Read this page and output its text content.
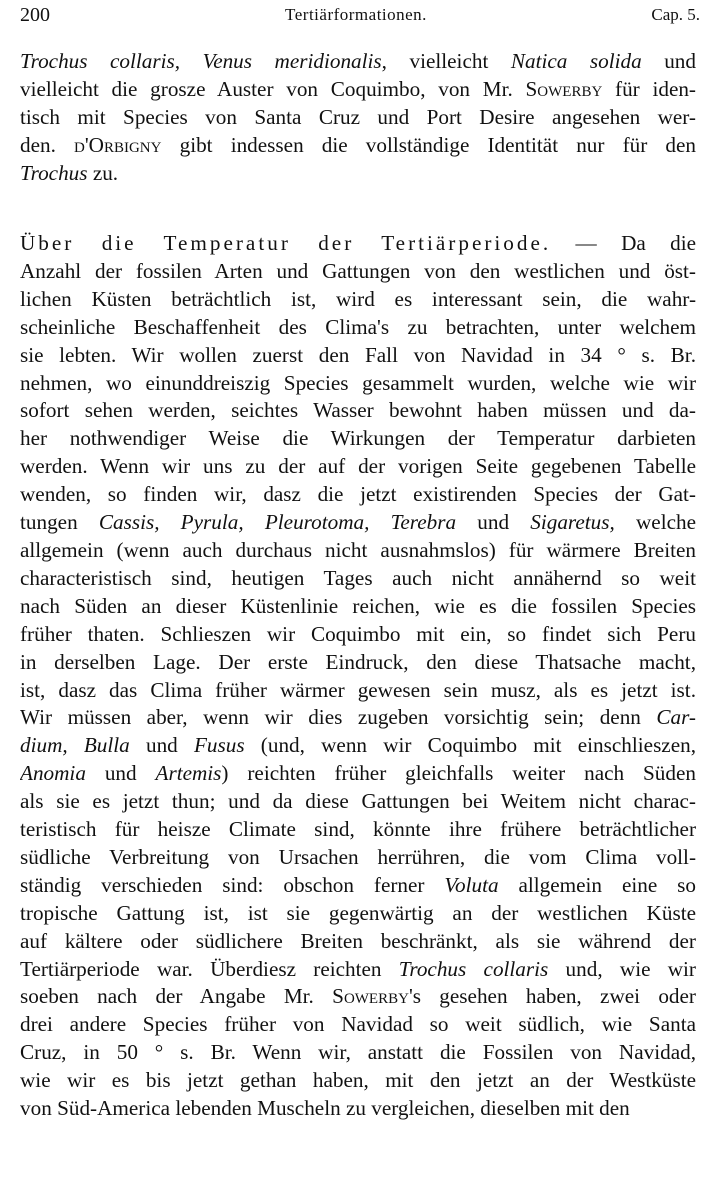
200	Tertiärformationen.	Cap. 5.
Trochus collaris, Venus meridionalis, vielleicht Natica solida und
vielleicht die grosze Auster von Coquimbo, von Mr. Sowerby für iden-
tisch mit Species von Santa Cruz und Port Desire angesehen wer-
den. d'Orbigny gibt indessen die vollständige Identität nur für den
Trochus zu.
Über die Temperatur der Tertiärperiode. — Da die
Anzahl der fossilen Arten und Gattungen von den westlichen und öst-
lichen Küsten beträchtlich ist, wird es interessant sein, die wahr-
scheinliche Beschaffenheit des Clima's zu betrachten, unter welchem
sie lebten. Wir wollen zuerst den Fall von Navidad in 34 ° s. Br.
nehmen, wo einunddreiszig Species gesammelt wurden, welche wie wir
sofort sehen werden, seichtes Wasser bewohnt haben müssen und da-
her nothwendiger Weise die Wirkungen der Temperatur darbieten
werden. Wenn wir uns zu der auf der vorigen Seite gegebenen Tabelle
wenden, so finden wir, dasz die jetzt existirenden Species der Gat-
tungen Cassis, Pyrula, Pleurotoma, Terebra und Sigaretus, welche
allgemein (wenn auch durchaus nicht ausnahmslos) für wärmere Breiten
characteristisch sind, heutigen Tages auch nicht annähernd so weit
nach Süden an dieser Küstenlinie reichen, wie es die fossilen Species
früher thaten. Schlieszen wir Coquimbo mit ein, so findet sich Peru
in derselben Lage. Der erste Eindruck, den diese Thatsache macht,
ist, dasz das Clima früher wärmer gewesen sein musz, als es jetzt ist.
Wir müssen aber, wenn wir dies zugeben vorsichtig sein; denn Car-
dium, Bulla und Fusus (und, wenn wir Coquimbo mit einschlieszen,
Anomia und Artemis) reichten früher gleichfalls weiter nach Süden
als sie es jetzt thun; und da diese Gattungen bei Weitem nicht charac-
teristisch für heisze Climate sind, könnte ihre frühere beträchtlicher
südliche Verbreitung von Ursachen herrühren, die vom Clima voll-
ständig verschieden sind: obschon ferner Voluta allgemein eine so
tropische Gattung ist, ist sie gegenwärtig an der westlichen Küste
auf kältere oder südlichere Breiten beschränkt, als sie während der
Tertiärperiode war. Überdiesz reichten Trochus collaris und, wie wir
soeben nach der Angabe Mr. Sowerby's gesehen haben, zwei oder
drei andere Species früher von Navidad so weit südlich, wie Santa
Cruz, in 50 ° s. Br. Wenn wir, anstatt die Fossilen von Navidad,
wie wir es bis jetzt gethan haben, mit den jetzt an der Westküste
von Süd-America lebenden Muscheln zu vergleichen, dieselben mit den
